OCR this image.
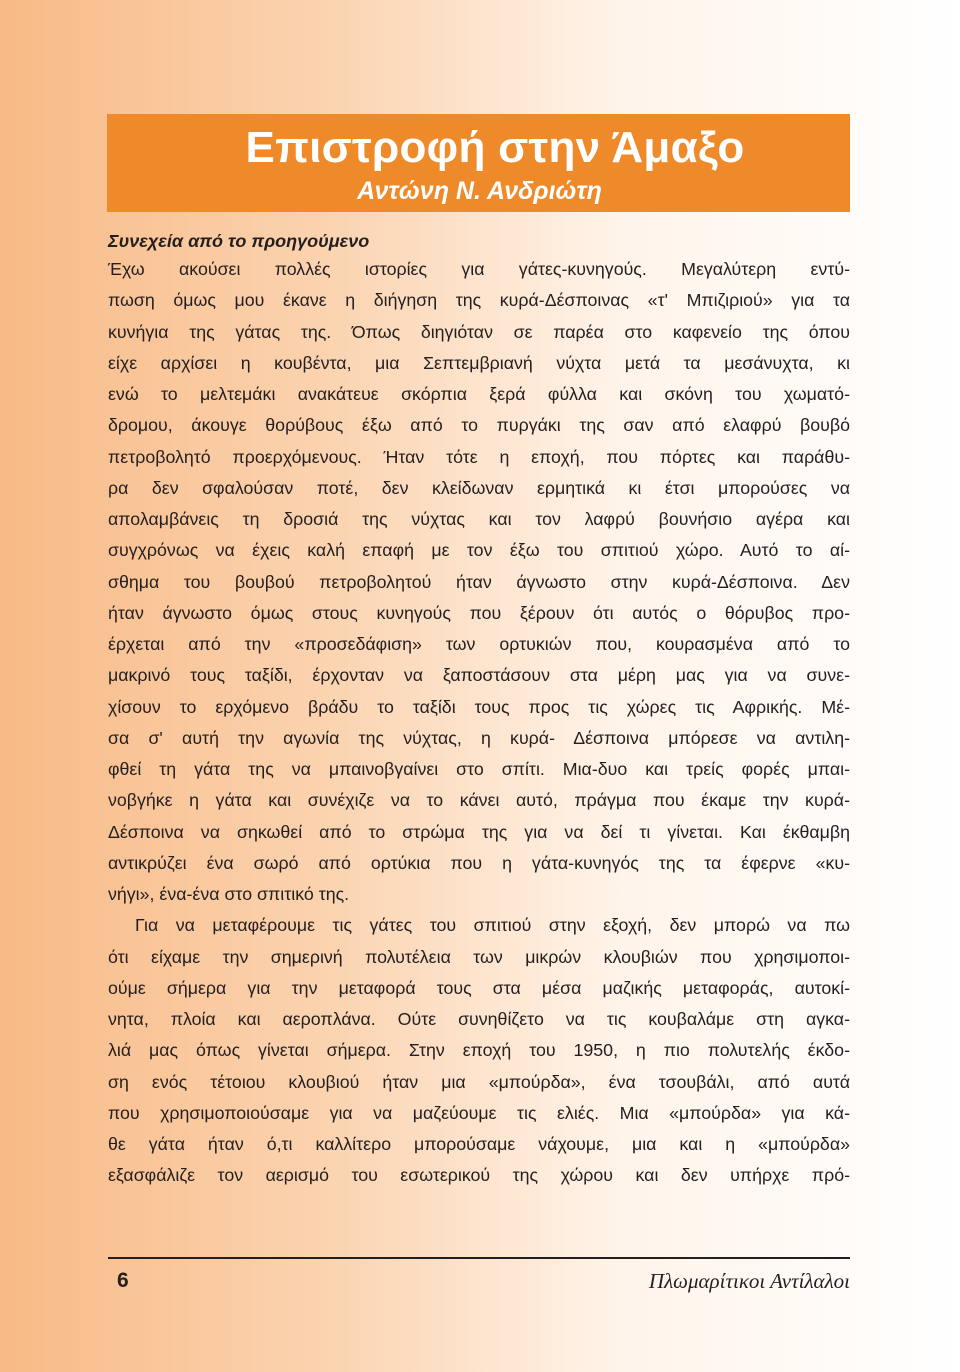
Επιστροφή στην Άμαξο
Αντώνη Ν. Ανδριώτη
Συνεχεία από το προηγούμενο
Έχω ακούσει πολλές ιστορίες για γάτες-κυνηγούς. Μεγαλύτερη εντύ-
πωση όμως μου έκανε η διήγηση της κυρά-Δέσποινας «τ' Μπιζιριού» για τα
κυνήγια της γάτας της. Όπως διηγιόταν σε παρέα στο καφενείο της όπου
είχε αρχίσει η κουβέντα, μια Σεπτεμβριανή νύχτα μετά τα μεσάνυχτα, κι
ενώ το μελτεμάκι ανακάτευε σκόρπια ξερά φύλλα και σκόνη του χωματό-
δρομου, άκουγε θορύβους έξω από το πυργάκι της σαν από ελαφρύ βουβό
πετροβολητό προερχόμενους. Ήταν τότε η εποχή, που πόρτες και παράθυ-
ρα δεν σφαλούσαν ποτέ, δεν κλείδωναν ερμητικά κι έτσι μπορούσες να
απολαμβάνεις τη δροσιά της νύχτας και τον λαφρύ βουνήσιο αγέρα και
συγχρόνως να έχεις καλή επαφή με τον έξω του σπιτιού χώρο. Αυτό το αί-
σθημα του βουβού πετροβολητού ήταν άγνωστο στην κυρά-Δέσποινα. Δεν
ήταν άγνωστο όμως στους κυνηγούς που ξέρουν ότι αυτός ο θόρυβος προ-
έρχεται από την «προσεδάφιση» των ορτυκιών που, κουρασμένα από το
μακρινό τους ταξίδι, έρχονταν να ξαποστάσουν στα μέρη μας για να συνε-
χίσουν το ερχόμενο βράδυ το ταξίδι τους προς τις χώρες τις Αφρικής. Μέ-
σα σ' αυτή την αγωνία της νύχτας, η κυρά- Δέσποινα μπόρεσε να αντιλη-
φθεί τη γάτα της να μπαινοβγαίνει στο σπίτι. Μια-δυο και τρείς φορές μπαι-
νοβγήκε η γάτα και συνέχιζε να το κάνει αυτό, πράγμα που έκαμε την κυρά-
Δέσποινα να σηκωθεί από το στρώμα της για να δεί τι γίνεται. Και έκθαμβη
αντικρύζει ένα σωρό από ορτύκια που η γάτα-κυνηγός της τα έφερνε «κυ-
νήγι», ένα-ένα στο σπιτικό της.
Για να μεταφέρουμε τις γάτες του σπιτιού στην εξοχή, δεν μπορώ να πω
ότι είχαμε την σημερινή πολυτέλεια των μικρών κλουβιών που χρησιμοποι-
ούμε σήμερα για την μεταφορά τους στα μέσα μαζικής μεταφοράς, αυτοκί-
νητα, πλοία και αεροπλάνα. Ούτε συνηθίζετο να τις κουβαλάμε στη αγκα-
λιά μας όπως γίνεται σήμερα. Στην εποχή του 1950, η πιο πολυτελής έκδο-
ση ενός τέτοιου κλουβιού ήταν μια «μπούρδα», ένα τσουβάλι, από αυτά
που χρησιμοποιούσαμε για να μαζεύουμε τις ελιές. Μια «μπούρδα» για κά-
θε γάτα ήταν ό,τι καλλίτερο μπορούσαμε νάχουμε, μια και η «μπούρδα»
εξασφάλιζε τον αερισμό του εσωτερικού της χώρου και δεν υπήρχε πρό-
6	Πλωμαρίτικοι Αντίλαλοι
